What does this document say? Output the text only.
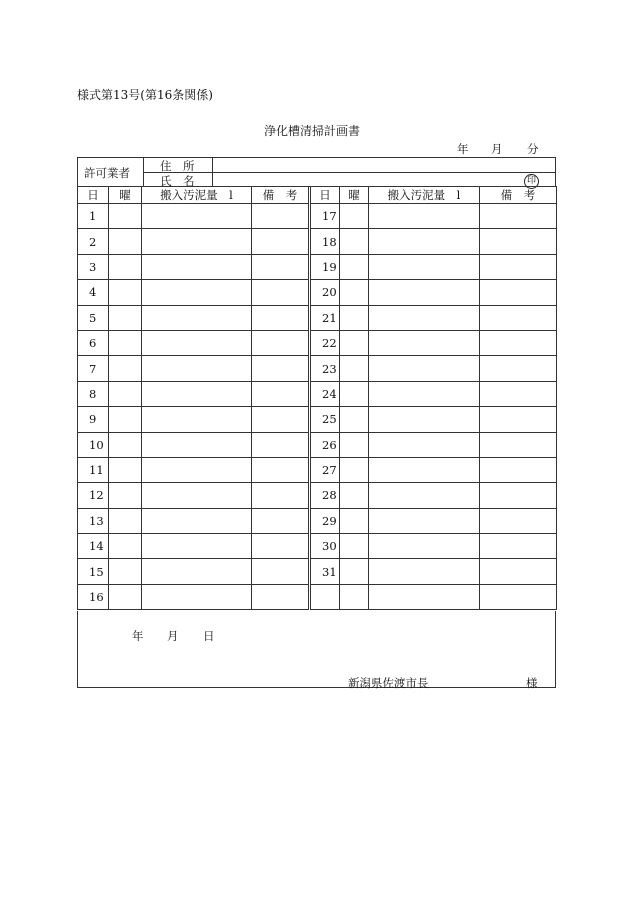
様式第13号(第16条関係)
浄化槽清掃計画書
年 月 分
許可業者	住　所
氏　名	印
日	曜	搬入汚泥量　l	備　考	日	曜	搬入汚泥量　l	備　考
1				17			
2				18			
3				19			
4				20			
5				21			
6				22			
7				23			
8				24			
9				25			
10				26			
11				27			
12				28			
13				29			
14				30			
15				31			
16							
年 月 日
新潟県佐渡市長	様
